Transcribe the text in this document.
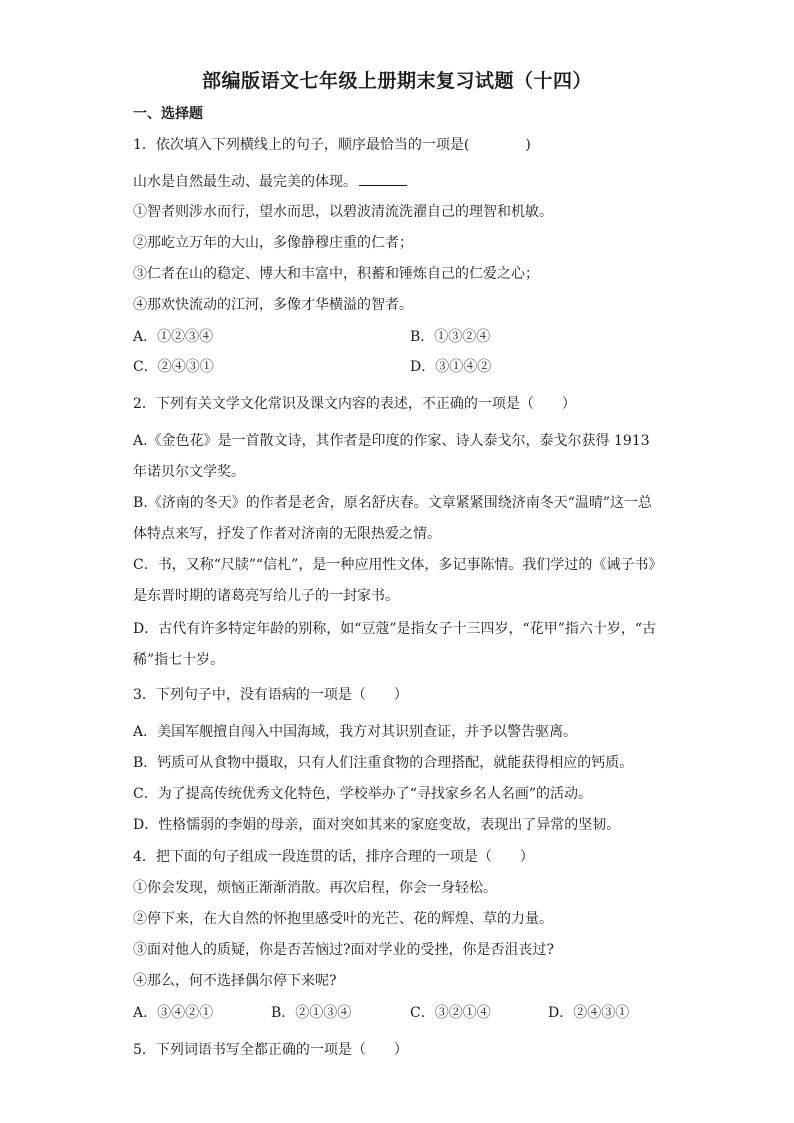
部编版语文七年级上册期末复习试题（十四）
一、选择题
1．依次填入下列横线上的句子，顺序最恰当的一项是(　　　　)
山水是自然最生动、最完美的体现。
①智者则涉水而行，望水而思，以碧波清流洗濯自己的理智和机敏。
②那屹立万年的大山，多像静穆庄重的仁者；
③仁者在山的稳定、博大和丰富中，积蓄和锤炼自己的仁爱之心；
④那欢快流动的江河，多像才华横溢的智者。
A．①②③④	B．①③②④
C．②④③①	D．③①④②
2．下列有关文学文化常识及课文内容的表述，不正确的一项是（　　）
A.《金色花》是一首散文诗，其作者是印度的作家、诗人泰戈尔，泰戈尔获得 1913
年诺贝尔文学奖。
B.《济南的冬天》的作者是老舍，原名舒庆春。文章紧紧围绕济南冬天“温晴”这一总
体特点来写，抒发了作者对济南的无限热爱之情。
C．书，又称“尺牍”“信札”，是一种应用性文体，多记事陈情。我们学过的《诫子书》
是东晋时期的诸葛亮写给儿子的一封家书。
D．古代有许多特定年龄的别称，如“豆蔻”是指女子十三四岁，“花甲”指六十岁，“古
稀”指七十岁。
3．下列句子中，没有语病的一项是（　　）
A．美国军舰擅自闯入中国海域，我方对其识别查证，并予以警告驱离。
B．钙质可从食物中摄取，只有人们注重食物的合理搭配，就能获得相应的钙质。
C．为了提高传统优秀文化特色，学校举办了“寻找家乡名人名画”的活动。
D．性格懦弱的李娟的母亲，面对突如其来的家庭变故，表现出了异常的坚韧。
4．把下面的句子组成一段连贯的话，排序合理的一项是（　　）
①你会发现，烦恼正渐渐消散。再次启程，你会一身轻松。
②停下来，在大自然的怀抱里感受叶的光芒、花的辉煌、草的力量。
③面对他人的质疑，你是否苦恼过?面对学业的受挫，你是否沮丧过?
④那么，何不选择偶尔停下来呢?
A．③④②①	B．②①③④	C．③②①④	D．②④③①
5．下列词语书写全都正确的一项是（　　）
